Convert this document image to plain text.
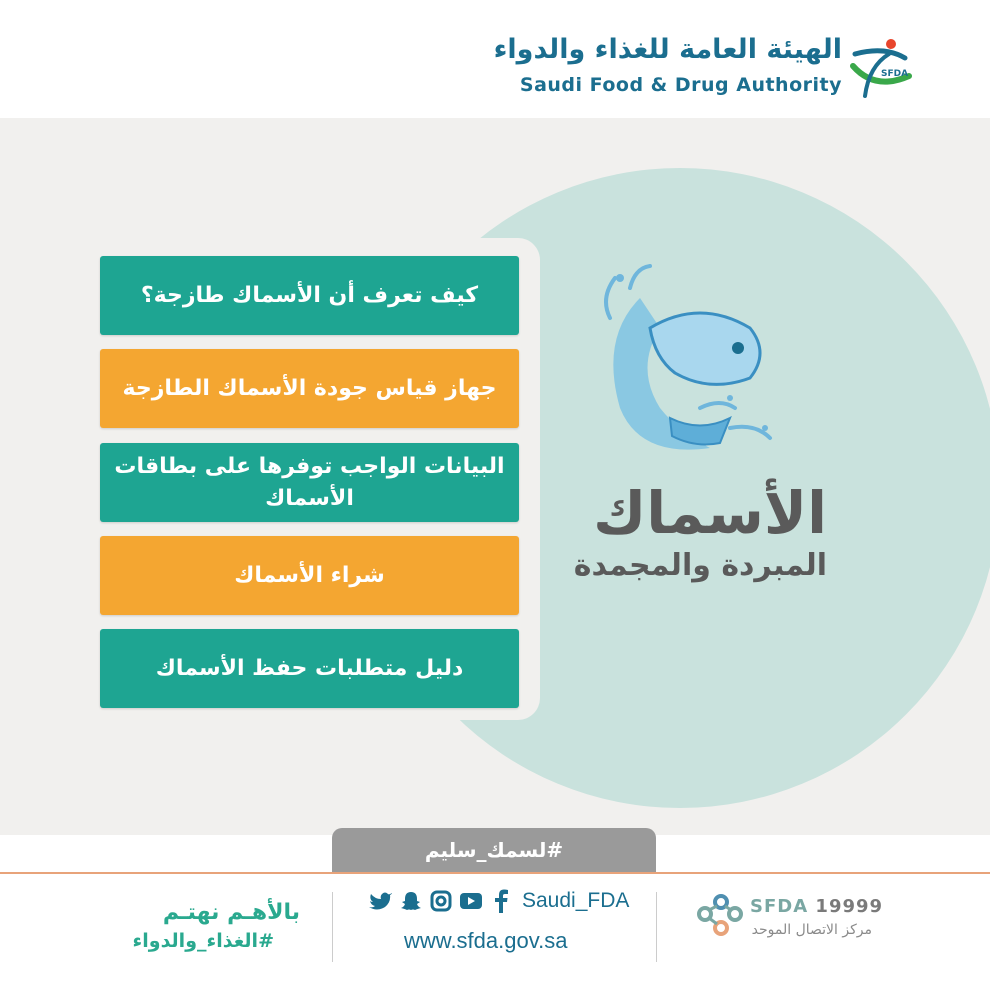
الهيئة العامة للغذاء والدواء
Saudi Food & Drug Authority	SFDA
كيف تعرف أن الأسماك طازجة؟
جهاز قياس جودة الأسماك الطازجة
البيانات الواجب توفرها على بطاقات الأسماك
شراء الأسماك
دليل متطلبات حفظ الأسماك
الأسماك
المبردة والمجمدة
#لسمك_سليم
بالأهـم نهتـم
#الغذاء_والدواء
Saudi_FDA
www.sfda.gov.sa
SFDA 19999
مركز الاتصال الموحد
